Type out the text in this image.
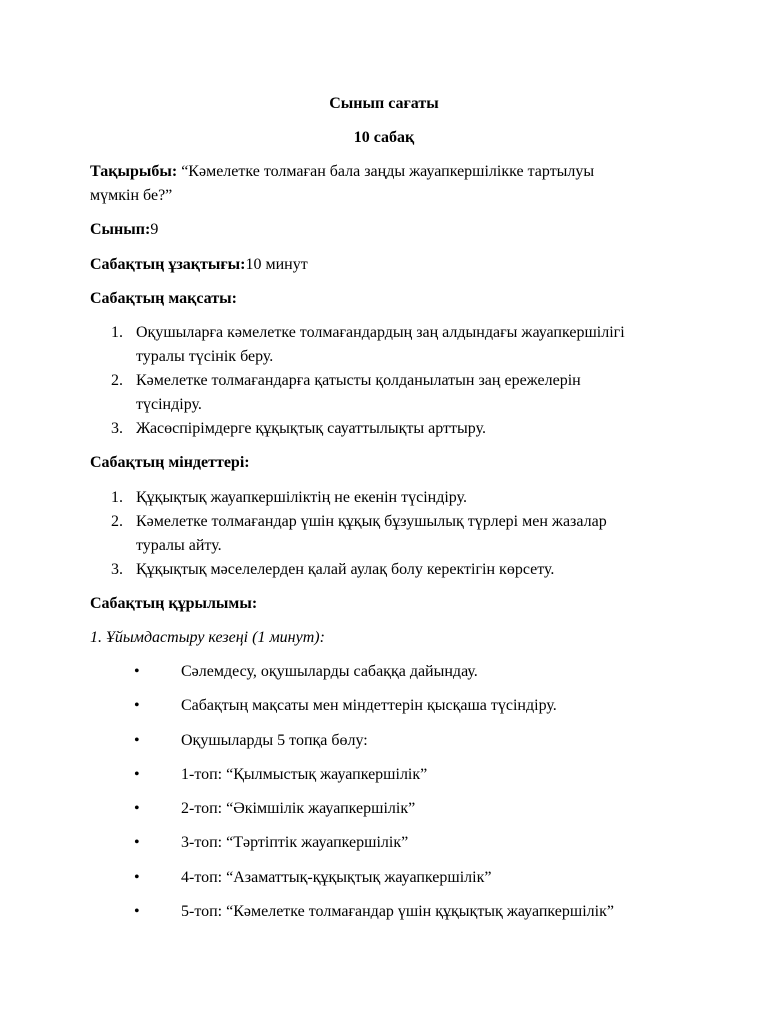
Сынып сағаты
10 сабақ
Тақырыбы: “Кәмелетке толмаған бала заңды жауапкершілікке тартылуы
мүмкін бе?”
Сынып:9
Сабақтың ұзақтығы:10 минут
Сабақтың мақсаты:
1. Оқушыларға кәмелетке толмағандардың заң алдындағы жауапкершілігі
туралы түсінік беру.
2. Кәмелетке толмағандарға қатысты қолданылатын заң ережелерін
түсіндіру.
3. Жасөспірімдерге құқықтық сауаттылықты арттыру.
Сабақтың міндеттері:
1. Құқықтық жауапкершіліктің не екенін түсіндіру.
2. Кәмелетке толмағандар үшін құқық бұзушылық түрлері мен жазалар
туралы айту.
3. Құқықтық мәселелерден қалай аулақ болу керектігін көрсету.
Сабақтың құрылымы:
1. Ұйымдастыру кезеңі (1 минут):
•	Сәлемдесу, оқушыларды сабаққа дайындау.
•	Сабақтың мақсаты мен міндеттерін қысқаша түсіндіру.
•	Оқушыларды 5 топқа бөлу:
•	1-топ: “Қылмыстық жауапкершілік”
•	2-топ: “Әкімшілік жауапкершілік”
•	3-топ: “Тәртіптік жауапкершілік”
•	4-топ: “Азаматтық-құқықтық жауапкершілік”
•	5-топ: “Кәмелетке толмағандар үшін құқықтық жауапкершілік”
